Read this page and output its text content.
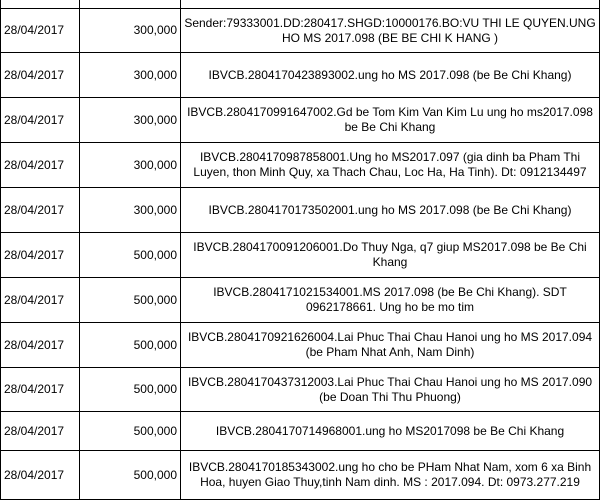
28/04/2017	300,000	Sender:79333001.DD:280417.SHGD:10000176.BO:VU THI LE QUYEN.UNG HO MS 2017.098 (BE BE CHI K HANG )
28/04/2017	300,000	IBVCB.2804170423893002.ung ho MS 2017.098 (be Be Chi Khang)
28/04/2017	300,000	IBVCB.2804170991647002.Gd be Tom Kim Van Kim Lu ung ho ms2017.098 be Be Chi Khang
28/04/2017	300,000	IBVCB.2804170987858001.Ung ho MS2017.097 (gia dinh ba Pham Thi Luyen, thon Minh Quy, xa Thach Chau, Loc Ha, Ha Tinh). Dt: 0912134497
28/04/2017	300,000	IBVCB.2804170173502001.ung ho MS 2017.098 (be Be Chi Khang)
28/04/2017	500,000	IBVCB.2804170091206001.Do Thuy Nga, q7 giup MS2017.098 be Be Chi Khang
28/04/2017	500,000	IBVCB.2804171021534001.MS 2017.098 (be Be Chi Khang). SDT 0962178661. Ung ho be mo tim
28/04/2017	500,000	IBVCB.2804170921626004.Lai Phuc Thai Chau Hanoi ung ho MS 2017.094 (be Pham Nhat Anh, Nam Dinh)
28/04/2017	500,000	IBVCB.2804170437312003.Lai Phuc Thai Chau Hanoi ung ho MS 2017.090 (be Doan Thi Thu Phuong)
28/04/2017	500,000	IBVCB.2804170714968001.ung ho MS2017098 be Be Chi Khang
28/04/2017	500,000	IBVCB.2804170185343002.ung ho cho be PHam Nhat Nam, xom 6 xa Binh Hoa, huyen Giao Thuy,tinh Nam dinh. MS : 2017.094. Dt: 0973.277.219
